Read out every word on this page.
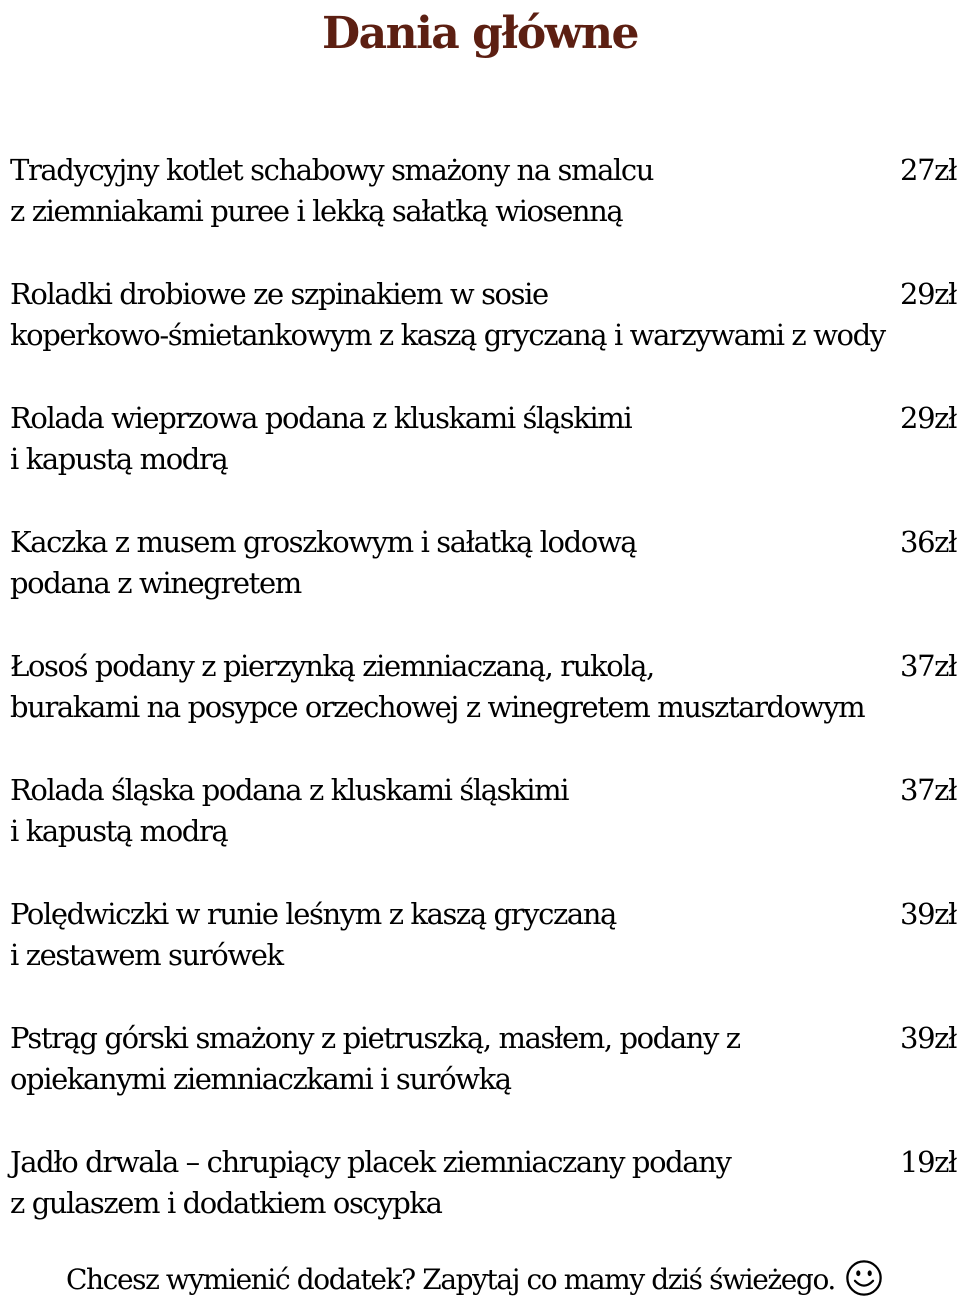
Dania główne
Tradycyjny kotlet schabowy smażony na smalcu
z ziemniakami puree i lekką sałatką wiosenną
27zł
Roladki drobiowe ze szpinakiem w sosie
koperkowo-śmietankowym z kaszą gryczaną i warzywami z wody
29zł
Rolada wieprzowa podana z kluskami śląskimi
i kapustą modrą
29zł
Kaczka z musem groszkowym i sałatką lodową
podana z winegretem
36zł
Łosoś podany z pierzynką ziemniaczaną, rukolą,
burakami na posypce orzechowej z winegretem musztardowym
37zł
Rolada śląska podana z kluskami śląskimi
i kapustą modrą
37zł
Polędwiczki w runie leśnym z kaszą gryczaną
i zestawem surówek
39zł
Pstrąg górski smażony z pietruszką, masłem, podany z
opiekanymi ziemniaczkami i surówką
39zł
Jadło drwala – chrupiący placek ziemniaczany podany
z gulaszem i dodatkiem oscypka
19zł
Chcesz wymienić dodatek? Zapytaj co mamy dziś świeżego.
